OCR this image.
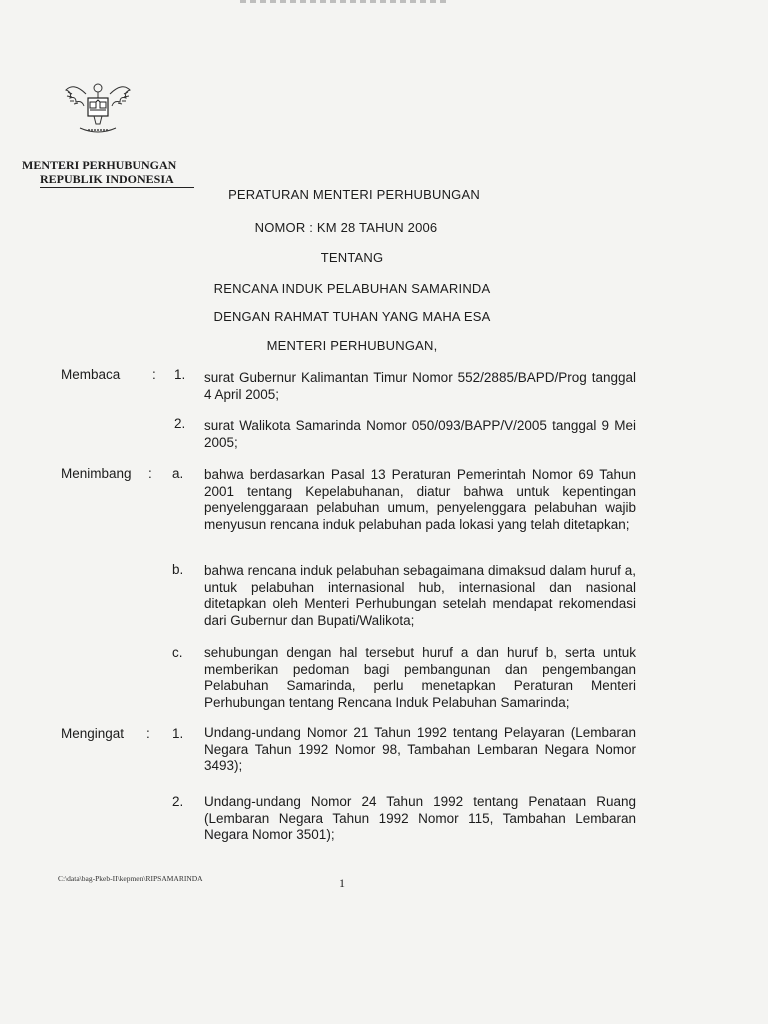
MENTERI PERHUBUNGAN
REPUBLIK INDONESIA
PERATURAN MENTERI PERHUBUNGAN
NOMOR : KM 28 TAHUN 2006
TENTANG
RENCANA INDUK PELABUHAN SAMARINDA
DENGAN RAHMAT TUHAN YANG MAHA ESA
MENTERI PERHUBUNGAN,
Membaca : 1. surat Gubernur Kalimantan Timur Nomor 552/2885/BAPD/Prog tanggal 4 April 2005;
2. surat Walikota Samarinda Nomor 050/093/BAPP/V/2005 tanggal 9 Mei 2005;
Menimbang : a. bahwa berdasarkan Pasal 13 Peraturan Pemerintah Nomor 69 Tahun 2001 tentang Kepelabuhanan, diatur bahwa untuk kepentingan penyelenggaraan pelabuhan umum, penyelenggara pelabuhan wajib menyusun rencana induk pelabuhan pada lokasi yang telah ditetapkan;
b. bahwa rencana induk pelabuhan sebagaimana dimaksud dalam huruf a, untuk pelabuhan internasional hub, internasional dan nasional ditetapkan oleh Menteri Perhubungan setelah mendapat rekomendasi dari Gubernur dan Bupati/Walikota;
c. sehubungan dengan hal tersebut huruf a dan huruf b, serta untuk memberikan pedoman bagi pembangunan dan pengembangan Pelabuhan Samarinda, perlu menetapkan Peraturan Menteri Perhubungan tentang Rencana Induk Pelabuhan Samarinda;
Mengingat : 1. Undang-undang Nomor 21 Tahun 1992 tentang Pelayaran (Lembaran Negara Tahun 1992 Nomor 98, Tambahan Lembaran Negara Nomor 3493);
2. Undang-undang Nomor 24 Tahun 1992 tentang Penataan Ruang (Lembaran Negara Tahun 1992 Nomor 115, Tambahan Lembaran Negara Nomor 3501);
C:\data\bag-Pkeb-II\kepmen\RIPSAMARINDA	1
